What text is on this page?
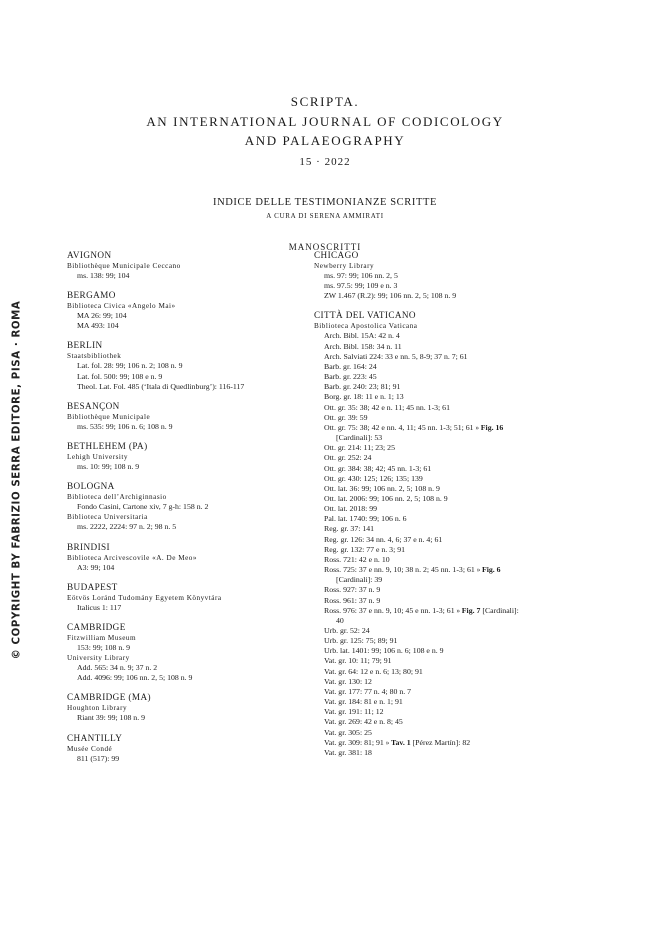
© COPYRIGHT BY FABRIZIO SERRA EDITORE, PISA · ROMA
SCRIPTA.
AN INTERNATIONAL JOURNAL OF CODICOLOGY
AND PALAEOGRAPHY
15 · 2022
INDICE DELLE TESTIMONIANZE SCRITTE
A CURA DI SERENA AMMIRATI
MANOSCRITTI
AVIGNON
Bibliothèque Municipale Ceccano
ms. 138: 99; 104
BERGAMO
Biblioteca Civica «Angelo Mai»
MA 26: 99; 104
MA 493: 104
BERLIN
Staatsbibliothek
Lat. fol. 28: 99; 106 n. 2; 108 n. 9
Lat. fol. 500: 99; 108 e n. 9
Theol. Lat. Fol. 485 (‘Itala di Quedlinburg’): 116-117
BESANÇON
Bibliothèque Municipale
ms. 535: 99; 106 n. 6; 108 n. 9
BETHLEHEM (PA)
Lehigh University
ms. 10: 99; 108 n. 9
BOLOGNA
Biblioteca dell’Archiginnasio
Fondo Casini, Cartone xiv, 7 g-h: 158 n. 2
Biblioteca Universitaria
ms. 2222, 2224: 97 n. 2; 98 n. 5
BRINDISI
Biblioteca Arcivescovile «A. De Meo»
A3: 99; 104
BUDAPEST
Eötvös Loránd Tudomány Egyetem Könyvtára
Italicus 1: 117
CAMBRIDGE
Fitzwilliam Museum
153: 99; 108 n. 9
University Library
Add. 565: 34 n. 9; 37 n. 2
Add. 4096: 99; 106 nn. 2, 5; 108 n. 9
CAMBRIDGE (MA)
Houghton Library
Riant 39: 99; 108 n. 9
CHANTILLY
Musée Condé
811 (517): 99
CHICAGO
Newberry Library
ms. 97: 99; 106 nn. 2, 5
ms. 97.5: 99; 109 e n. 3
ZW 1.467 (R.2): 99; 106 nn. 2, 5; 108 n. 9
CITTÀ DEL VATICANO
Biblioteca Apostolica Vaticana
Arch. Bibl. 15A: 42 n. 4
Arch. Bibl. 158: 34 n. 11
Arch. Salviati 224: 33 e nn. 5, 8-9; 37 n. 7; 61
Barb. gr. 164: 24
Barb. gr. 223: 45
Barb. gr. 240: 23; 81; 91
Borg. gr. 18: 11 e n. 1; 13
Ott. gr. 35: 38; 42 e n. 11; 45 nn. 1-3; 61
Ott. gr. 39: 59
Ott. gr. 75: 38; 42 e nn. 4, 11; 45 nn. 1-3; 51; 61 » Fig. 16
[Cardinali]: 53
Ott. gr. 214: 11; 23; 25
Ott. gr. 252: 24
Ott. gr. 384: 38; 42; 45 nn. 1-3; 61
Ott. gr. 430: 125; 126; 135; 139
Ott. lat. 36: 99; 106 nn. 2, 5; 108 n. 9
Ott. lat. 2006: 99; 106 nn. 2, 5; 108 n. 9
Ott. lat. 2018: 99
Pal. lat. 1740: 99; 106 n. 6
Reg. gr. 37: 141
Reg. gr. 126: 34 nn. 4, 6; 37 e n. 4; 61
Reg. gr. 132: 77 e n. 3; 91
Ross. 721: 42 e n. 10
Ross. 725: 37 e nn. 9, 10; 38 n. 2; 45 nn. 1-3; 61 » Fig. 6
[Cardinali]: 39
Ross. 927: 37 n. 9
Ross. 961: 37 n. 9
Ross. 976: 37 e nn. 9, 10; 45 e nn. 1-3; 61 » Fig. 7 [Cardinali]:
40
Urb. gr. 52: 24
Urb. gr. 125: 75; 89; 91
Urb. lat. 1401: 99; 106 n. 6; 108 e n. 9
Vat. gr. 10: 11; 79; 91
Vat. gr. 64: 12 e n. 6; 13; 80; 91
Vat. gr. 130: 12
Vat. gr. 177: 77 n. 4; 80 n. 7
Vat. gr. 184: 81 e n. 1; 91
Vat. gr. 191: 11; 12
Vat. gr. 269: 42 e n. 8; 45
Vat. gr. 305: 25
Vat. gr. 309: 81; 91 » Tav. 1 [Pérez Martín]: 82
Vat. gr. 381: 18
